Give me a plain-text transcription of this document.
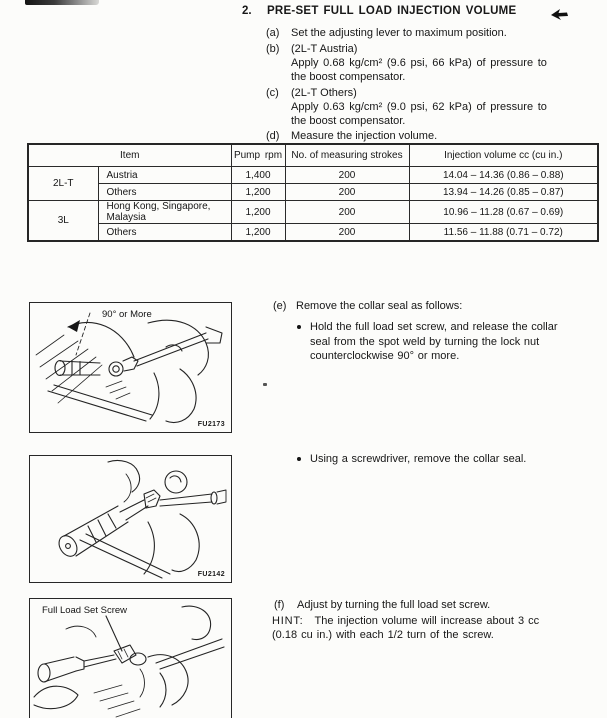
2. PRE-SET FULL LOAD INJECTION VOLUME
(a)	Set the adjusting lever to maximum position.
(b)	(2L-T Austria)
Apply 0.68 kg/cm² (9.6 psi, 66 kPa) of pressure to
the boost compensator.
(c)	(2L-T Others)
Apply 0.63 kg/cm² (9.0 psi, 62 kPa) of pressure to
the boost compensator.
(d)	Measure the injection volume.
Item		Pump rpm	No. of measuring strokes	Injection volume cc (cu in.)
2L-T	Austria	1,400	200	14.04 – 14.36 (0.86 – 0.88)
	Others	1,200	200	13.94 – 14.26 (0.85 – 0.87)
3L	Hong Kong, Singapore, Malaysia	1,200	200	10.96 – 11.28 (0.67 – 0.69)
	Others	1,200	200	11.56 – 11.88 (0.71 – 0.72)
90° or More
FU2173
FU2142
Full Load Set Screw
(e) Remove the collar seal as follows:
Hold the full load set screw, and release the collar seal from the spot weld by turning the lock nut counterclockwise 90° or more.
Using a screwdriver, remove the collar seal.
(f)	Adjust by turning the full load set screw.
HINT: The injection volume will increase about 3 cc
(0.18 cu in.) with each 1/2 turn of the screw.
